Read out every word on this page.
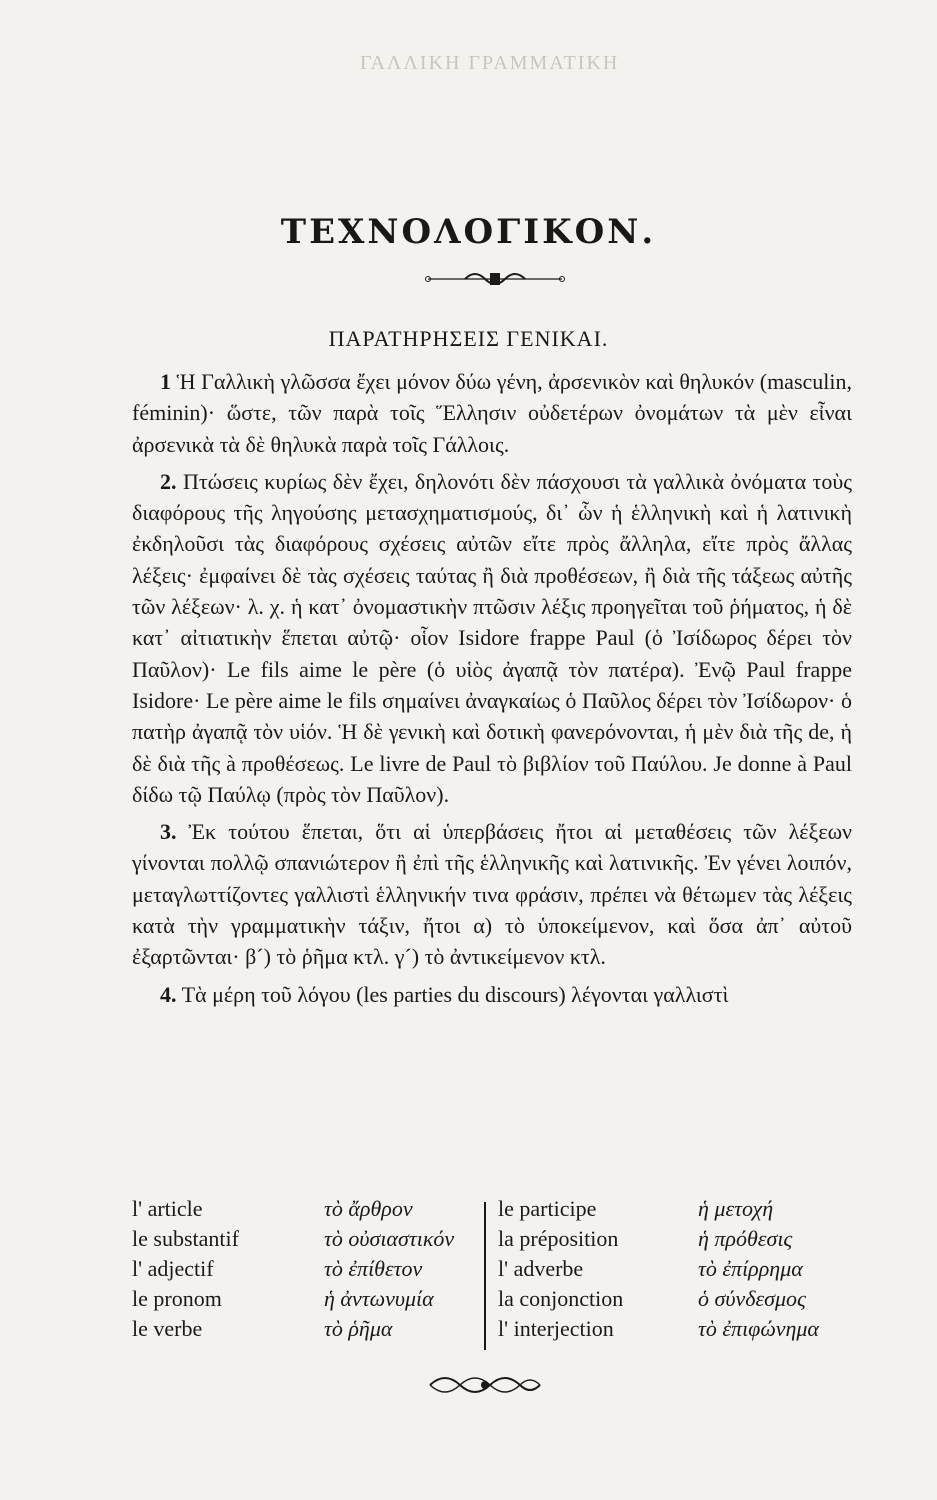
ΓΑΛΛΙΚΗ ΓΡΑΜΜΑΤΙΚΗ
ΤΕΧΝΟΛΟΓΙΚΟΝ.
ΠΑΡΑΤΗΡΗΣΕΙΣ ΓΕΝΙΚΑΙ.

1 Ἡ Γαλλικὴ γλῶσσα ἔχει μόνον δύω γένη, ἀρσενικὸν καὶ θηλυκόν (masculin, féminin)· ὥστε, τῶν παρὰ τοῖς Ἕλλησιν οὐδετέρων ὀνομάτων τὰ μὲν εἶναι ἀρσενικὰ τὰ δὲ θηλυκὰ παρὰ τοῖς Γάλλοις.

2. Πτώσεις κυρίως δὲν ἔχει, δηλονότι δὲν πάσχουσι τὰ γαλλικὰ ὀνόματα τοὺς διαφόρους τῆς ληγούσης μετασχηματισμούς, δι᾽ ὧν ἡ ἑλληνικὴ καὶ ἡ λατινικὴ ἐκδηλοῦσι τὰς διαφόρους σχέσεις αὐτῶν εἴτε πρὸς ἄλληλα, εἴτε πρὸς ἄλλας λέξεις· ἐμφαίνει δὲ τὰς σχέσεις ταύτας ἢ διὰ προθέσεων, ἢ διὰ τῆς τάξεως αὐτῆς τῶν λέξεων· λ. χ. ἡ κατ᾽ ὀνομαστικὴν πτῶσιν λέξις προηγεῖται τοῦ ῥήματος, ἡ δὲ κατ᾽ αἰτιατικὴν ἕπεται αὐτῷ· οἷον Isidore frappe Paul (ὁ Ἰσίδωρος δέρει τὸν Παῦλον)· Le fils aime le père (ὁ υἱὸς ἀγαπᾷ τὸν πατέρα). Ἐνῷ Paul frappe Isidore· Le père aime le fils σημαίνει ἀναγκαίως ὁ Παῦλος δέρει τὸν Ἰσίδωρον· ὁ πατὴρ ἀγαπᾷ τὸν υἱόν. Ἡ δὲ γενικὴ καὶ δοτικὴ φανερόνονται, ἡ μὲν διὰ τῆς de, ἡ δὲ διὰ τῆς à προθέσεως. Le livre de Paul τὸ βιβλίον τοῦ Παύλου. Je donne à Paul δίδω τῷ Παύλῳ (πρὸς τὸν Παῦλον).

3. Ἐκ τούτου ἕπεται, ὅτι αἱ ὑπερβάσεις ἤτοι αἱ μεταθέσεις τῶν λέξεων γίνονται πολλῷ σπανιώτερον ἢ ἐπὶ τῆς ἑλληνικῆς καὶ λατινικῆς. Ἐν γένει λοιπόν, μεταγλωττίζοντες γαλλιστὶ ἑλληνικήν τινα φράσιν, πρέπει νὰ θέτωμεν τὰς λέξεις κατὰ τὴν γραμματικὴν τάξιν, ἤτοι α) τὸ ὑποκείμενον, καὶ ὅσα ἀπ᾽ αὐτοῦ ἐξαρτῶνται· β´) τὸ ῥῆμα κτλ. γ´) τὸ ἀντικείμενον κτλ.

4. Τὰ μέρη τοῦ λόγου (les parties du discours) λέγονται γαλλιστὶ

l' article	τὸ ἄρθρον
le substantif	τὸ οὐσιαστικόν
l' adjectif	τὸ ἐπίθετον
le pronom	ἡ ἀντωνυμία
le verbe	τὸ ῥῆμα
le participe	ἡ μετοχή
la préposition	ἡ πρόθεσις
l' adverbe	τὸ ἐπίρρημα
la conjonction	ὁ σύνδεσμος
l' interjection	τὸ ἐπιφώνημα
